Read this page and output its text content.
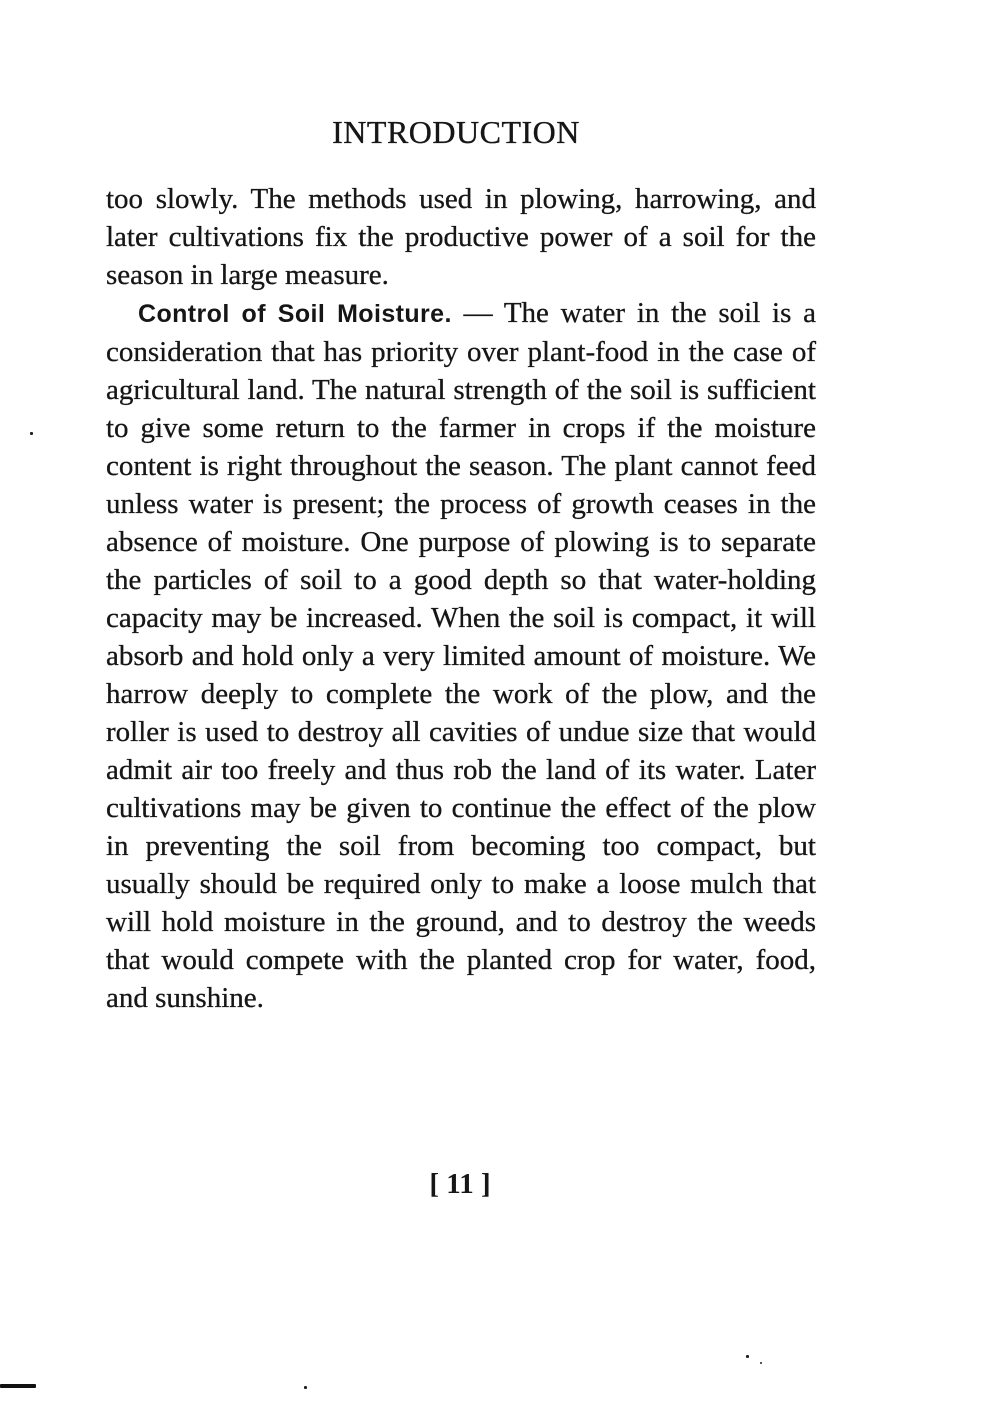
INTRODUCTION

too slowly. The methods used in plowing, harrowing, and later cultivations fix the productive power of a soil for the season in large measure.

Control of Soil Moisture. — The water in the soil is a consideration that has priority over plant-food in the case of agricultural land. The natural strength of the soil is sufficient to give some return to the farmer in crops if the moisture content is right throughout the season. The plant cannot feed unless water is present; the process of growth ceases in the absence of moisture. One purpose of plowing is to separate the particles of soil to a good depth so that water-holding capacity may be increased. When the soil is compact, it will absorb and hold only a very limited amount of moisture. We harrow deeply to complete the work of the plow, and the roller is used to destroy all cavities of undue size that would admit air too freely and thus rob the land of its water. Later cultivations may be given to continue the effect of the plow in preventing the soil from becoming too compact, but usually should be required only to make a loose mulch that will hold moisture in the ground, and to destroy the weeds that would compete with the planted crop for water, food, and sunshine.

[ 11 ]
